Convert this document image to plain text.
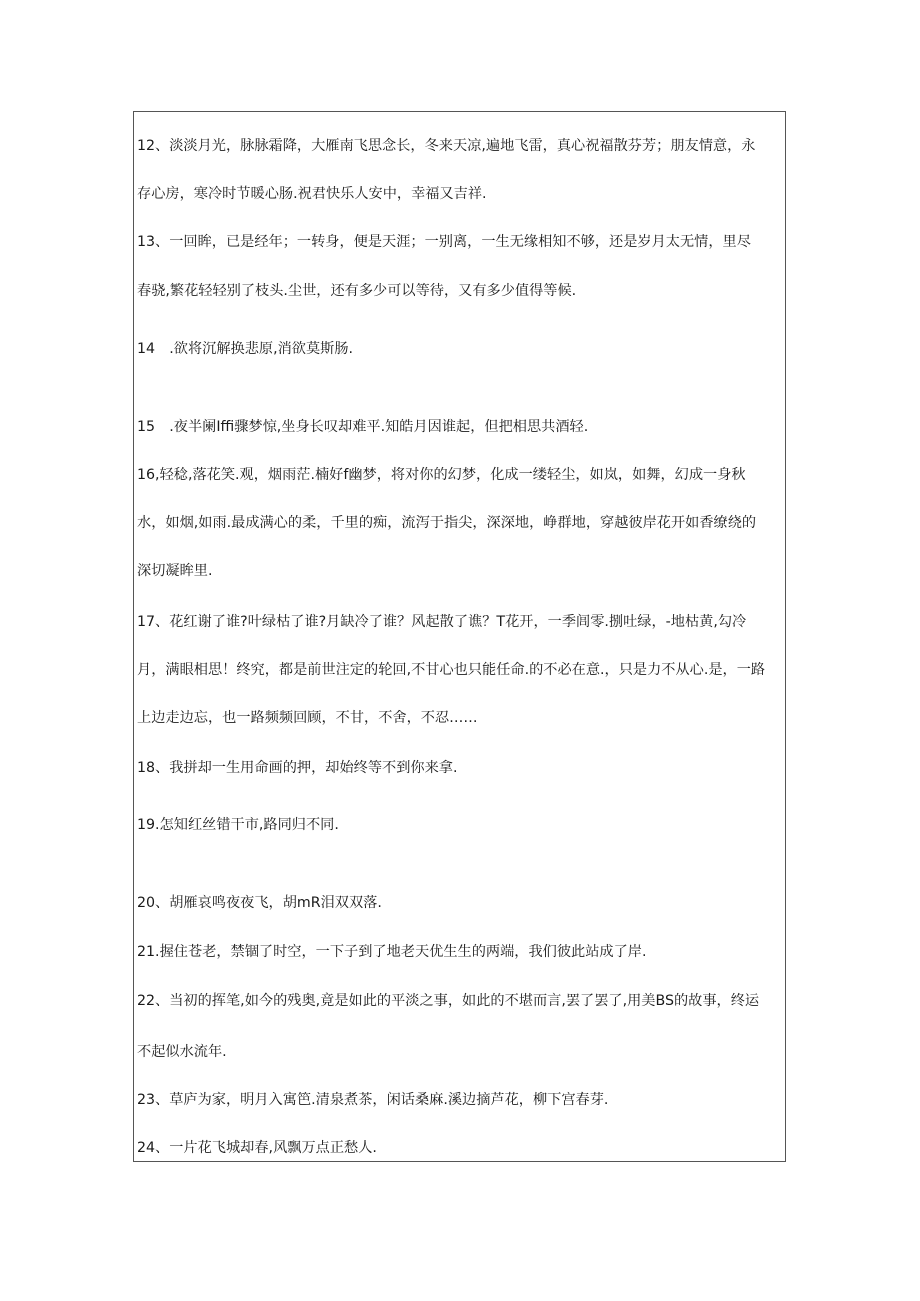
12、淡淡月光，脉脉霜降，大雁南飞思念长，冬来天凉,遍地飞雷，真心祝福散芬芳；朋友情意，永
存心房，寒冷时节暖心肠.祝君快乐人安中，幸福又吉祥.
13、一回眸，已是经年；一转身，便是天涯；一别离，一生无缘相知不够，还是岁月太无情，里尽
春骁,繁花轻轻别了枝头.尘世，还有多少可以等待，又有多少值得等候.
14　.欲将沉解换悲原,消欲莫斯肠.
15　.夜半阑Iffi骤梦惊,坐身长叹却难平.知皓月因谁起，但把相思共酒轻.
16,轻稔,落花笑.观，烟雨茫.楠好f幽梦，将对你的幻梦，化成一缕轻尘，如岚，如舞，幻成一身秋
水，如烟,如雨.最成满心的柔，千里的痴，流泻于指尖，深深地，峥群地，穿越彼岸花开如香缭绕的
深切凝眸里.
17、花红谢了谁?叶绿枯了谁?月缺冷了谁？风起散了谯？T花开，一季闾零.捌吐绿，-地枯黄,勾冷
月，满眼相思！终究，都是前世注定的轮回,不甘心也只能任命.的不必在意.，只是力不从心.是，一路
上边走边忘，也一路频频回顾，不甘，不舍，不忍……
18、我拼却一生用命画的押，却始终等不到你来拿.
19.怎知红丝错干市,路同归不同.
20、胡雁哀鸣夜夜飞，胡mR泪双双落.
21.握住苍老，禁锢了时空，一下子到了地老天优生生的两端，我们彼此站成了岸.
22、当初的挥笔,如今的残奥,竟是如此的平淡之事，如此的不堪而言,罢了罢了,用美BS的故事，终运
不起似水流年.
23、草庐为家，明月入寓笆.清泉煮茶，闲话桑麻.溪边摘芦花，柳下宫春芽.
24、一片花飞城却春,风飘万点正愁人.
